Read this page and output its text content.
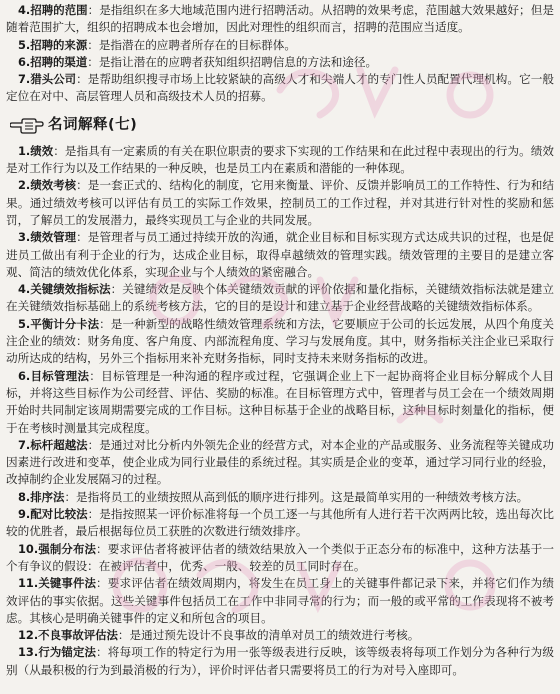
4.招聘的范围：是指组织在多大地域范围内进行招聘活动。从招聘的效果考虑，范围越大效果越好；但是随着范围扩大，组织的招聘成本也会增加，因此对理性的组织而言，招聘的范围应当适度。

5.招聘的来源：是指潜在的应聘者所存在的目标群体。

6.招聘的渠道：是指让潜在的应聘者获知组织招聘信息的方法和途径。

7.猎头公司：是帮助组织搜寻市场上比较紧缺的高级人才和尖端人才的专门性人员配置代理机构。它一般定位在对中、高层管理人员和高级技术人员的招募。

名词解释(七)

1.绩效：是指具有一定素质的有关在职位职责的要求下实现的工作结果和在此过程中表现出的行为。绩效是对工作行为以及工作结果的一种反映，也是员工内在素质和潜能的一种体现。

2.绩效考核：是一套正式的、结构化的制度，它用来衡量、评价、反馈并影响员工的工作特性、行为和结果。通过绩效考核可以评估有员工的实际工作效果，控制员工的工作过程，并对其进行针对性的奖励和惩罚，了解员工的发展潜力，最终实现员工与企业的共同发展。

3.绩效管理：是管理者与员工通过持续开放的沟通，就企业目标和目标实现方式达成共识的过程，也是促进员工做出有利于企业的行为，达成企业目标，取得卓越绩效的管理实践。绩效管理的主要目的是建立客观、简洁的绩效优化体系，实现企业与个人绩效的紧密融合。

4.关键绩效指标法：关键绩效是反映个体关键绩效贡献的评价依据和量化指标，关键绩效指标法就是建立在关键绩效指标基础上的系统考核方法，它的目的是设计和建立基于企业经营战略的关键绩效指标体系。

5.平衡计分卡法：是一种新型的战略性绩效管理系统和方法，它要顺应于公司的长远发展，从四个角度关注企业的绩效：财务角度、客户角度、内部流程角度、学习与发展角度。其中，财务指标关注企业已采取行动所达成的结构，另外三个指标用来补充财务指标，同时支持未来财务指标的改进。

6.目标管理法：目标管理是一种沟通的程序或过程，它强调企业上下一起协商将企业目标分解成个人目标，并将这些目标作为公司经营、评估、奖励的标准。在目标管理方式中，管理者与员工会在一个绩效周期开始时共同制定该周期需要完成的工作目标。这种目标基于企业的战略目标，这种目标时刻量化的指标，便于在考核时测量其完成程度。

7.标杆超越法：是通过对比分析内外领先企业的经营方式，对本企业的产品或服务、业务流程等关键成功因素进行改进和变革，使企业成为同行业最佳的系统过程。其实质是企业的变革，通过学习同行业的经验，改掉制约企业发展隔习的过程。

8.排序法：是指将员工的业绩按照从高到低的顺序进行排列。这是最简单实用的一种绩效考核方法。

9.配对比较法：是指按照某一评价标准将每一个员工逐一与其他所有人进行若干次两两比较，选出每次比较的优胜者，最后根据每位员工获胜的次数进行绩效排序。

10.强制分布法：要求评估者将被评估者的绩效结果放入一个类似于正态分布的标准中，这种方法基于一个有争议的假设：在被评估者中，优秀、一般、较差的员工同时存在。

11.关键事件法：要求评估者在绩效周期内，将发生在员工身上的关键事件都记录下来，并将它们作为绩效评估的事实依据。这些关键事件包括员工在工作中非同寻常的行为；而一般的或平常的工作表现将不被考虑。其核心是明确关键事件的定义和所包含的项目。

12.不良事故评估法：是通过预先设计不良事故的清单对员工的绩效进行考核。

13.行为锚定法：将每项工作的特定行为用一张等级表进行反映，该等级表将每项工作划分为各种行为级别（从最积极的行为到最消极的行为），评价时评估者只需要将员工的行为对号入座即可。
